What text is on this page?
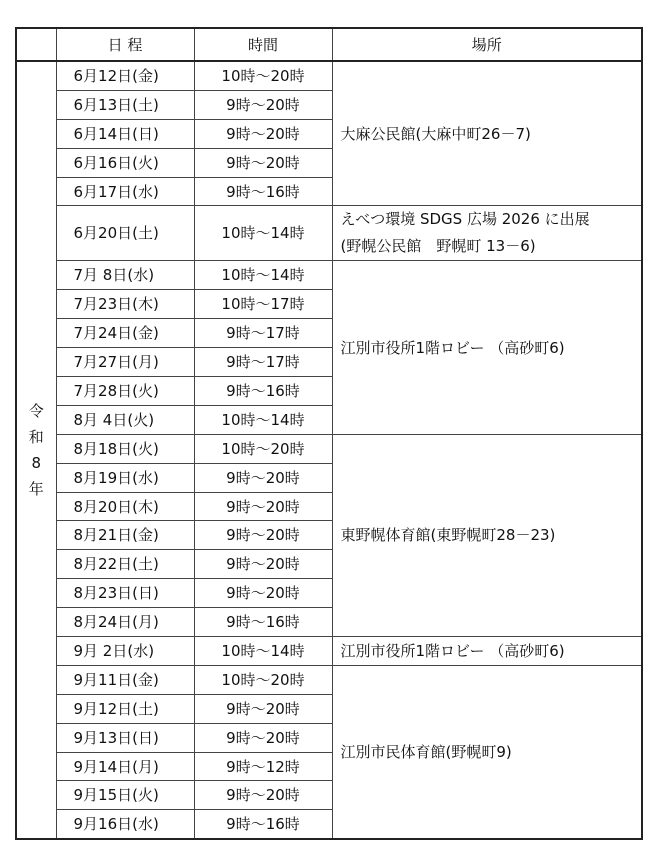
	日 程	時間	場所
令和8年	6月12日(金)	10時～20時	大麻公民館(大麻中町26－7)

	6月13日(土)	9時～20時	
	6月14日(日)	9時～20時	
	6月16日(火)	9時～20時	
	6月17日(水)	9時～16時	
	6月20日(土)	10時～14時	えべつ環境 SDGS 広場 2026 に出展
(野幌公民館　野幌町 13－6)

	7月 8日(水)	10時～14時	江別市役所1階ロビー （高砂町6)

	7月23日(木)	10時～17時	
	7月24日(金)	9時～17時	
	7月27日(月)	9時～17時	
	7月28日(火)	9時～16時	
	8月 4日(火)	10時～14時	
	8月18日(火)	10時～20時	東野幌体育館(東野幌町28－23)

	8月19日(水)	9時～20時	
	8月20日(木)	9時～20時	
	8月21日(金)	9時～20時	
	8月22日(土)	9時～20時	
	8月23日(日)	9時～20時	
	8月24日(月)	9時～16時	
	9月 2日(水)	10時～14時	江別市役所1階ロビー （高砂町6)

	9月11日(金)	10時～20時	江別市民体育館(野幌町9)

	9月12日(土)	9時～20時	
	9月13日(日)	9時～20時	
	9月14日(月)	9時～12時	
	9月15日(火)	9時～20時	
	9月16日(水)	9時～16時	
